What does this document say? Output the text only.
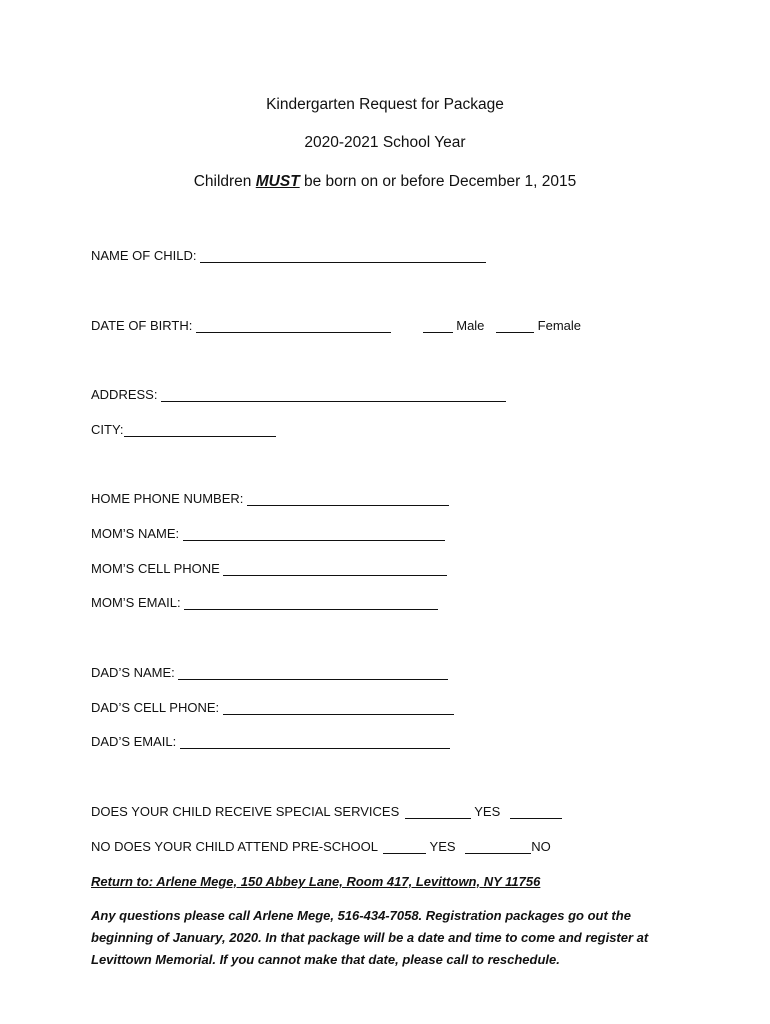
Kindergarten Request for Package
2020-2021 School Year
Children MUST be born on or before December 1, 2015
NAME OF CHILD:
DATE OF BIRTH:	Male	Female
ADDRESS:
CITY:
HOME PHONE NUMBER:
MOM’S NAME:
MOM’S CELL PHONE
MOM’S EMAIL:
DAD’S NAME:
DAD’S CELL PHONE:
DAD’S EMAIL:
DOES YOUR CHILD RECEIVE SPECIAL SERVICES	YES
NO DOES YOUR CHILD ATTEND PRE-SCHOOL	YES	NO
Return to: Arlene Mege, 150 Abbey Lane, Room 417, Levittown, NY 11756
Any questions please call Arlene Mege, 516-434-7058. Registration packages go out the beginning of January, 2020. In that package will be a date and time to come and register at Levittown Memorial. If you cannot make that date, please call to reschedule.
